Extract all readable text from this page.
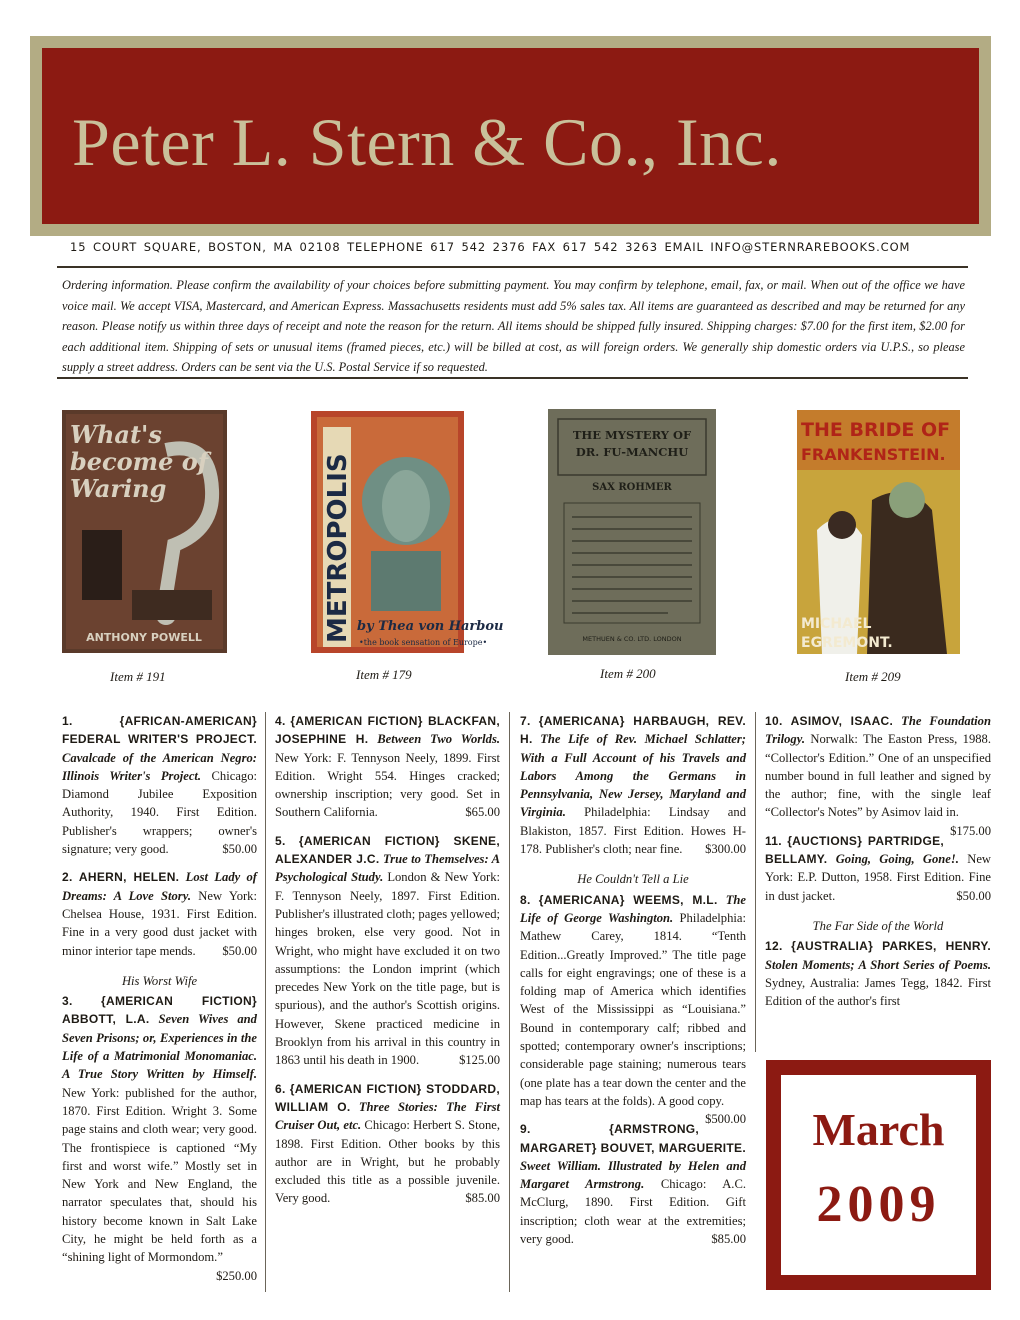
Peter L. Stern & Co., Inc.
15 COURT SQUARE, BOSTON, MA 02108 TELEPHONE 617 542 2376 FAX 617 542 3263 EMAIL INFO@STERNRAREBOOKS.COM
Ordering information. Please confirm the availability of your choices before submitting payment. You may confirm by telephone, email, fax, or mail. When out of the office we have voice mail. We accept VISA, Mastercard, and American Express. Massachusetts residents must add 5% sales tax. All items are guaranteed as described and may be returned for any reason. Please notify us within three days of receipt and note the reason for the return. All items should be shipped fully insured. Shipping charges: $7.00 for the first item, $2.00 for each additional item. Shipping of sets or unusual items (framed pieces, etc.) will be billed at cost, as will foreign orders. We generally ship domestic orders via U.P.S., so please supply a street address. Orders can be sent via the U.S. Postal Service if so requested.
What's
become of
Waring
ANTHONY POWELL
Item # 191
METROPOLIS by Thea von Harbou
•the book sensation of Europe•
Item # 179
THE MYSTERY OF
DR. FU-MANCHU
SAX ROHMER
METHUEN & CO. LTD. LONDON
Item # 200
THE BRIDE OF
FRANKENSTEIN.
MICHAEL
EGREMONT.
Item # 209
1.	{AFRICAN-AMERICAN} FEDERAL WRITER'S PROJECT. Cavalcade of the American Negro: Illinois Writer's Project. Chicago: Diamond Jubilee Exposition Authority, 1940. First Edition. Publisher's wrappers; owner's signature; very good.	$50.00
2. AHERN, HELEN. Lost Lady of Dreams: A Love Story. New York: Chelsea House, 1931. First Edition. Fine in a very good dust jacket with minor interior tape mends.	$50.00
His Worst Wife
3. {AMERICAN FICTION} ABBOTT, L.A. Seven Wives and Seven Prisons; or, Experiences in the Life of a Matrimonial Monomaniac. A True Story Written by Himself. New York: published for the author, 1870. First Edition. Wright 3. Some page stains and cloth wear; very good. The frontispiece is captioned “My first and worst wife.” Mostly set in New York and New England, the narrator speculates that, should his history become known in Salt Lake City, he might be held forth as a “shining light of Mormondom.”
$250.00
4. {AMERICAN FICTION} BLACKFAN, JOSEPHINE H. Between Two Worlds. New York: F. Tennyson Neely, 1899. First Edition. Wright 554. Hinges cracked; ownership inscription; very good. Set in Southern California.	$65.00
5. {AMERICAN FICTION} SKENE, ALEXANDER J.C. True to Themselves: A Psychological Study. London & New York: F. Tennyson Neely, 1897. First Edition. Publisher's illustrated cloth; pages yellowed; hinges broken, else very good. Not in Wright, who might have excluded it on two assumptions: the London imprint (which precedes New York on the title page, but is spurious), and the author's Scottish origins. However, Skene practiced medicine in Brooklyn from his arrival in this country in 1863 until his death in 1900.	$125.00
6. {AMERICAN FICTION} STODDARD, WILLIAM O. Three Stories: The First Cruiser Out, etc. Chicago: Herbert S. Stone, 1898. First Edition. Other books by this author are in Wright, but he probably excluded this title as a possible juvenile. Very good.	$85.00
7. {AMERICANA} HARBAUGH, REV. H. The Life of Rev. Michael Schlatter; With a Full Account of his Travels and Labors Among the Germans in Pennsylvania, New Jersey, Maryland and Virginia. Philadelphia: Lindsay and Blakiston, 1857. First Edition. Howes H-178. Publisher's cloth; near fine.	$300.00
He Couldn't Tell a Lie
8. {AMERICANA} WEEMS, M.L. The Life of George Washington. Philadelphia: Mathew Carey, 1814. “Tenth Edition...Greatly Improved.” The title page calls for eight engravings; one of these is a folding map of America which identifies West of the Mississippi as “Louisiana.” Bound in contemporary calf; ribbed and spotted; contemporary owner's inscriptions; considerable page staining; numerous tears (one plate has a tear down the center and the map has tears at the folds). A good copy.
$500.00
9.	{ARMSTRONG, MARGARET} BOUVET, MARGUERITE. Sweet William. Illustrated by Helen and Margaret Armstrong. Chicago: A.C. McClurg, 1890. First Edition. Gift inscription; cloth wear at the extremities; very good.	$85.00
10. ASIMOV, ISAAC. The Foundation Trilogy. Norwalk: The Easton Press, 1988. “Collector's Edition.” One of an unspecified number bound in full leather and signed by the author; fine, with the single leaf “Collector's Notes” by Asimov laid in.
$175.00
11. {AUCTIONS} PARTRIDGE, BELLAMY. Going, Going, Gone!. New York: E.P. Dutton, 1958. First Edition. Fine in dust jacket.	$50.00
The Far Side of the World
12. {AUSTRALIA} PARKES, HENRY. Stolen Moments; A Short Series of Poems. Sydney, Australia: James Tegg, 1842. First Edition of the author's first
March
2009
